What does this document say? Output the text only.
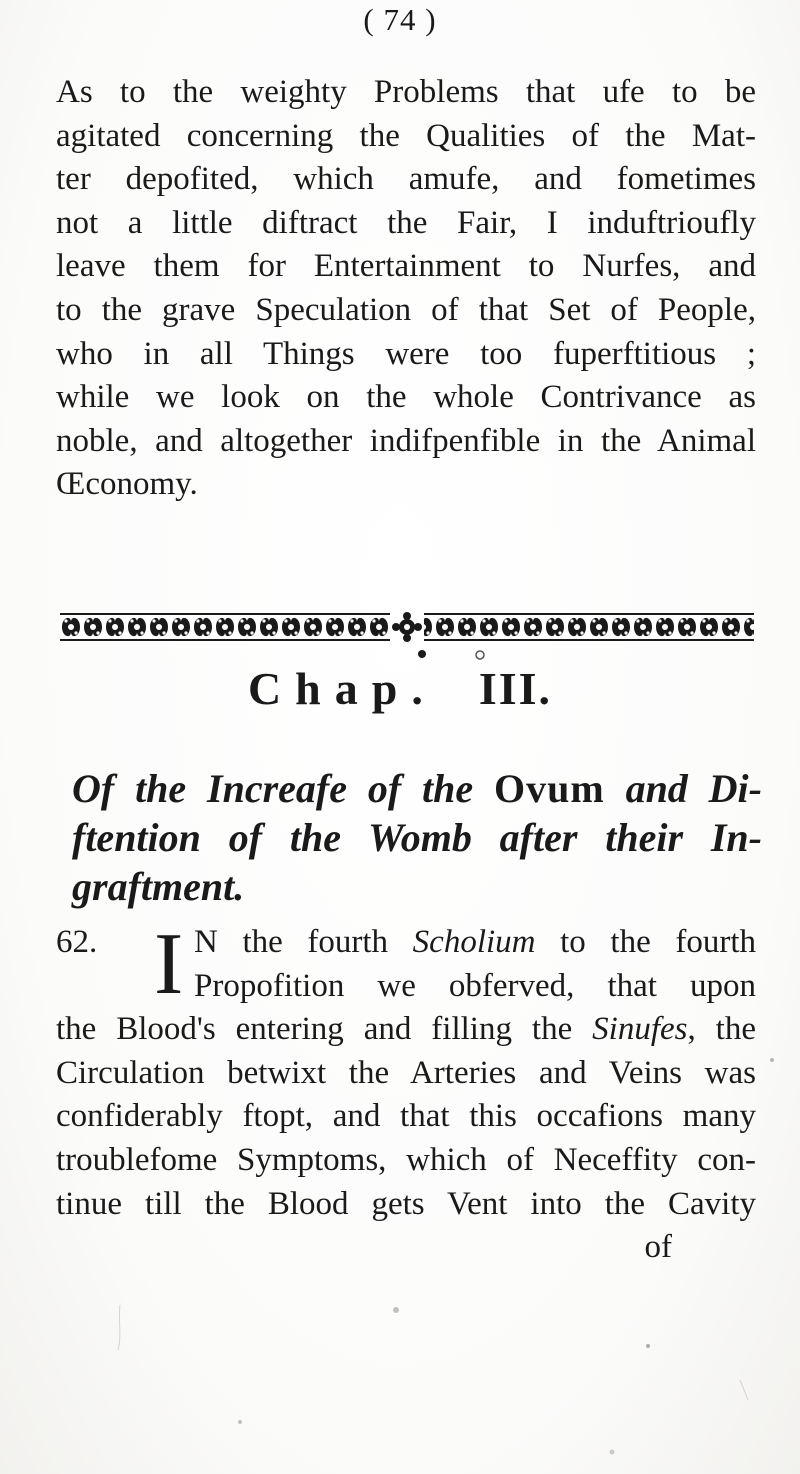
( 74 )
As to the weighty Problems that ufe to be
agitated concerning the Qualities of the Mat-
ter depofited, which amufe, and fometimes
not a little diftract the Fair, I induftrioufly
leave them for Entertainment to Nurfes, and
to the grave Speculation of that Set of People,
who in all Things were too fuperftitious ;
while we look on the whole Contrivance as
noble, and altogether indifpenfible in the Animal
Œconomy.
Chap. III.
Of the Increafe of the Ovum and Di-
ftention of the Womb after their In-
graftment.
62. I N the fourth Scholium to the fourth
Propofition we obferved, that upon
the Blood's entering and filling the Sinufes, the
Circulation betwixt the Arteries and Veins was
confiderably ftopt, and that this occafions many
troublefome Symptoms, which of Neceffity con-
tinue till the Blood gets Vent into the Cavity
of
